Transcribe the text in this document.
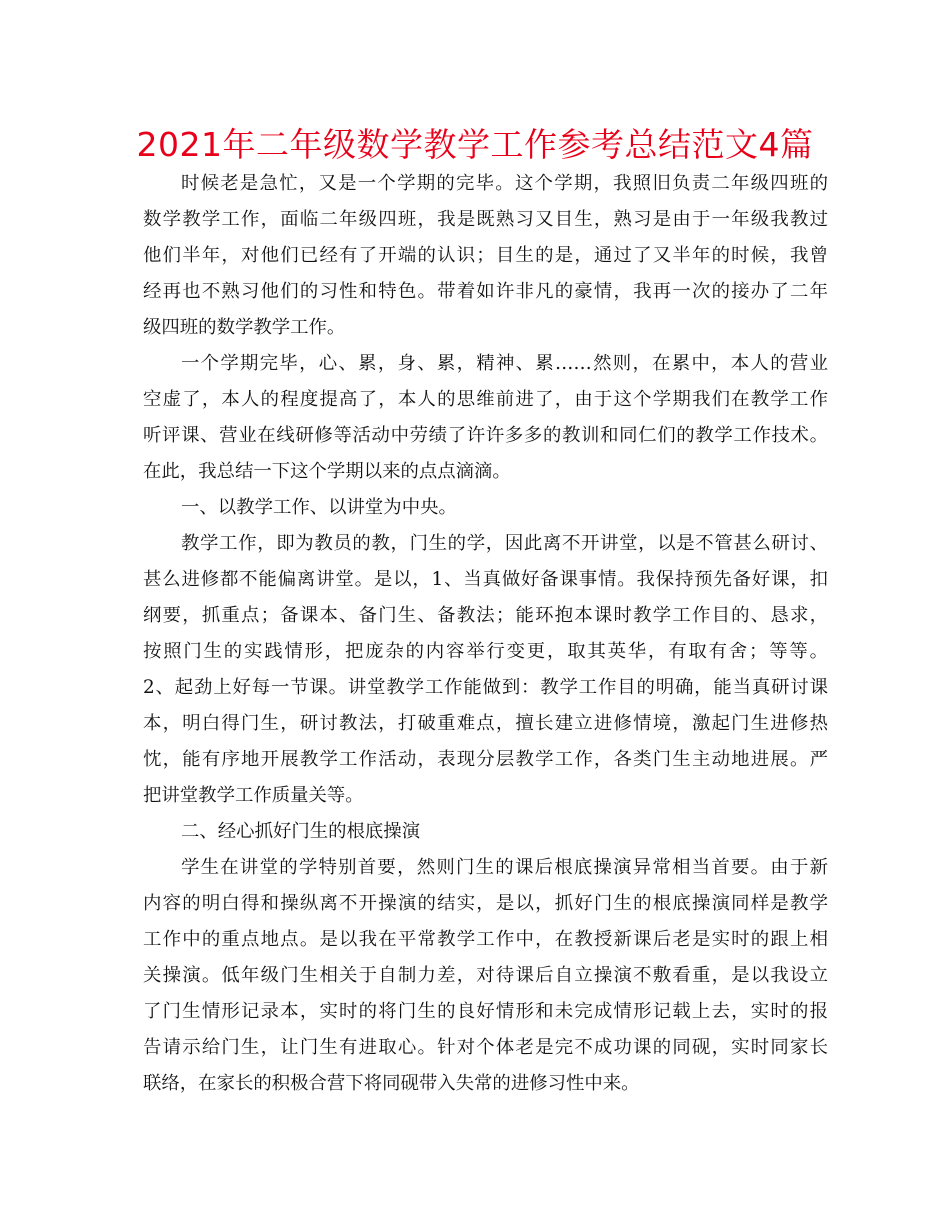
2021年二年级数学教学工作参考总结范文4篇
时候老是急忙，又是一个学期的完毕。这个学期，我照旧负责二年级四班的
数学教学工作，面临二年级四班，我是既熟习又目生，熟习是由于一年级我教过
他们半年，对他们已经有了开端的认识；目生的是，通过了又半年的时候，我曾
经再也不熟习他们的习性和特色。带着如许非凡的豪情，我再一次的接办了二年
级四班的数学教学工作。
一个学期完毕，心、累，身、累，精神、累……然则，在累中，本人的营业
空虚了，本人的程度提高了，本人的思维前进了，由于这个学期我们在教学工作
听评课、营业在线研修等活动中劳绩了许许多多的教训和同仁们的教学工作技术。
在此，我总结一下这个学期以来的点点滴滴。
一、以教学工作、以讲堂为中央。
教学工作，即为教员的教，门生的学，因此离不开讲堂，以是不管甚么研讨、
甚么进修都不能偏离讲堂。是以，1、当真做好备课事情。我保持预先备好课，扣
纲要，抓重点；备课本、备门生、备教法；能环抱本课时教学工作目的、恳求，
按照门生的实践情形，把庞杂的内容举行变更，取其英华，有取有舍；等等。
2、起劲上好每一节课。讲堂教学工作能做到：教学工作目的明确，能当真研讨课
本，明白得门生，研讨教法，打破重难点，擅长建立进修情境，激起门生进修热
忱，能有序地开展教学工作活动，表现分层教学工作，各类门生主动地进展。严
把讲堂教学工作质量关等。
二、经心抓好门生的根底操演
学生在讲堂的学特别首要，然则门生的课后根底操演异常相当首要。由于新
内容的明白得和操纵离不开操演的结实，是以，抓好门生的根底操演同样是教学
工作中的重点地点。是以我在平常教学工作中，在教授新课后老是实时的跟上相
关操演。低年级门生相关于自制力差，对待课后自立操演不敷看重，是以我设立
了门生情形记录本，实时的将门生的良好情形和未完成情形记载上去，实时的报
告请示给门生，让门生有进取心。针对个体老是完不成功课的同砚，实时同家长
联络，在家长的积极合营下将同砚带入失常的进修习性中来。
